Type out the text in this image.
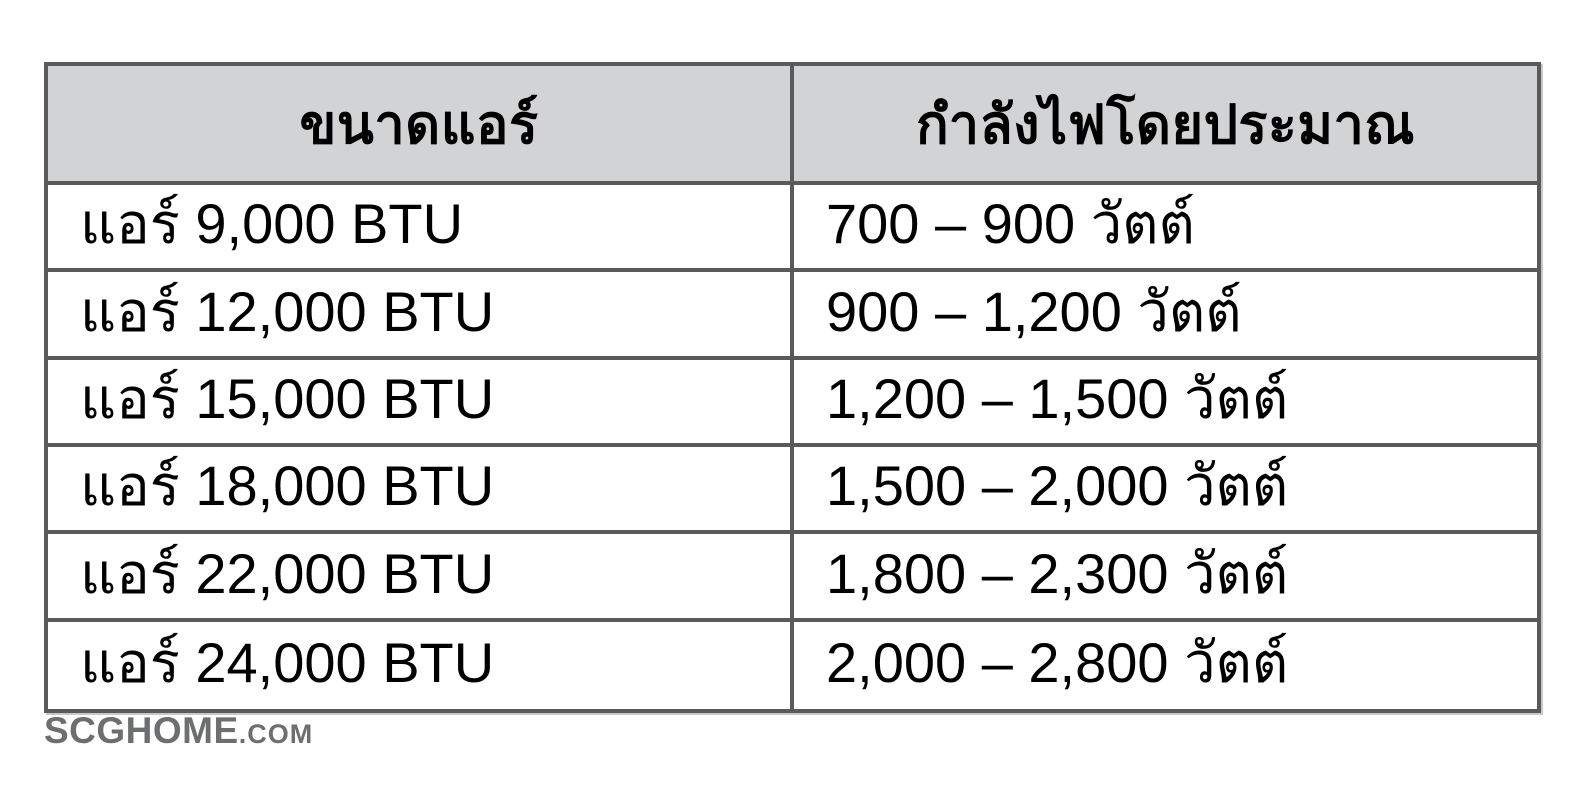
ขนาดแอร์	กำลังไฟโดยประมาณ
แอร์ 9,000 BTU	700 – 900 วัตต์
แอร์ 12,000 BTU	900 – 1,200 วัตต์
แอร์ 15,000 BTU	1,200 – 1,500 วัตต์
แอร์ 18,000 BTU	1,500 – 2,000 วัตต์
แอร์ 22,000 BTU	1,800 – 2,300 วัตต์
แอร์ 24,000 BTU	2,000 – 2,800 วัตต์
SCGHOME.COM
